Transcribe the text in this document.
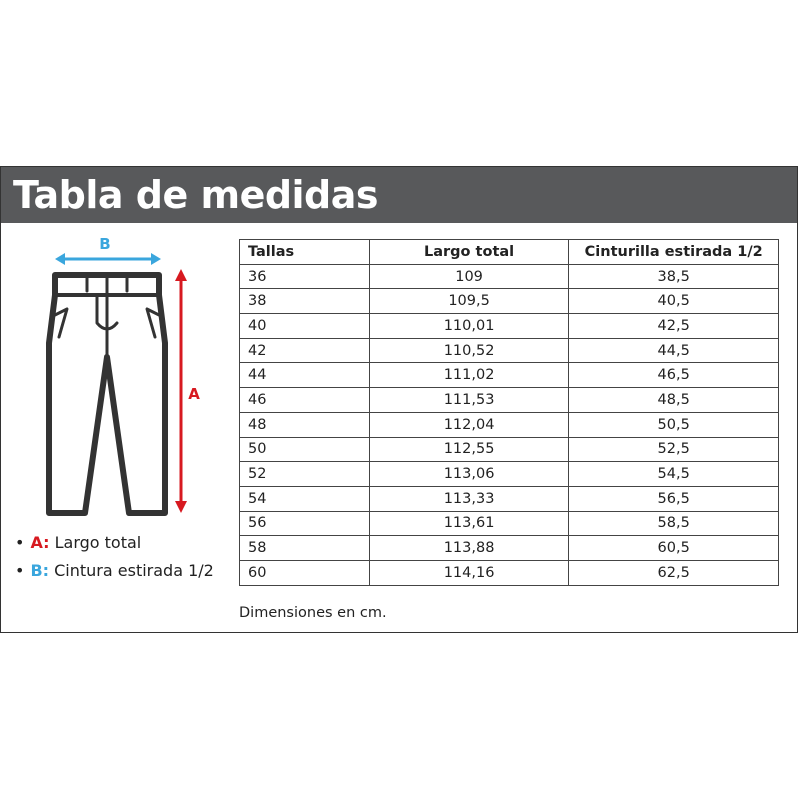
Tabla de medidas
B
A
• A: Largo total
• B: Cintura estirada 1/2
Tallas	Largo total	Cinturilla estirada 1/2
36	109	38,5
38	109,5	40,5
40	110,01	42,5
42	110,52	44,5
44	111,02	46,5
46	111,53	48,5
48	112,04	50,5
50	112,55	52,5
52	113,06	54,5
54	113,33	56,5
56	113,61	58,5
58	113,88	60,5
60	114,16	62,5
Dimensiones en cm.
